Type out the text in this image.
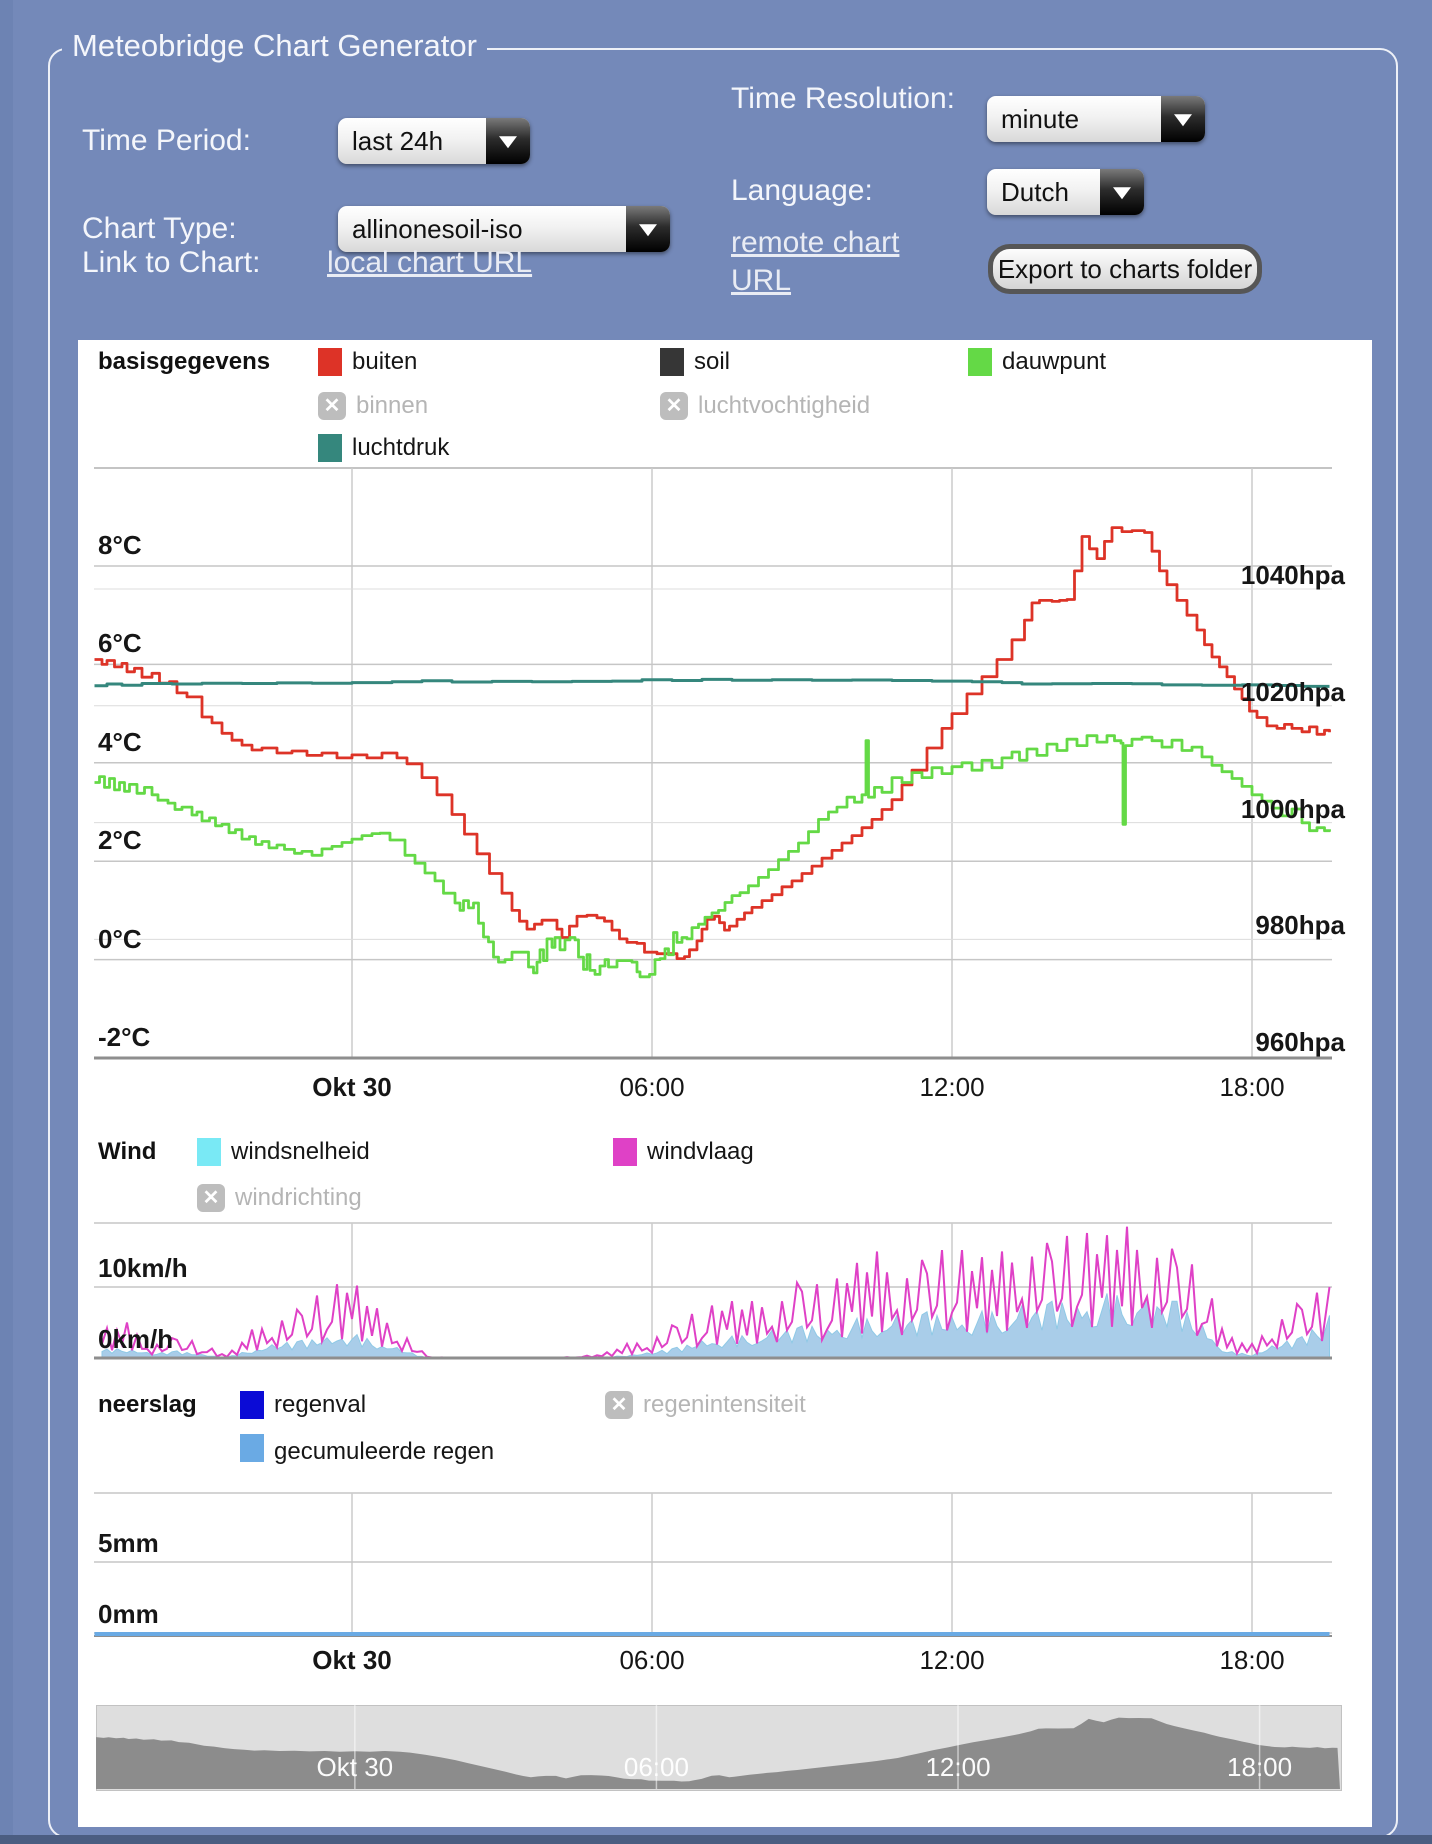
Meteobridge Chart Generator
Time Period:	last 24h
Time Resolution:
minute
Chart Type:	allinonesoil-iso
Language:	Dutch
Link to Chart: local chart URL
remote chart URL	Export to charts folder
basisgegevens	buiten	soil	dauwpunt
✕
binnen ✕	luchtvochtigheid
luchtdruk
Wind	windsnelheid	windvlaag
✕
windrichting
neerslag	regenval ✕	regenintensiteit
gecumuleerde regen
8°C
6°C
4°C
2°C
0°C
-2°C
1040hpa
1020hpa
1000hpa
980hpa
960hpa
Okt 30	06:00	12:00	18:00
10km/h
0km/h
5mm
0mm
Okt 30	06:00	12:00	18:00
Okt 30	06:00	12:00	18:00
